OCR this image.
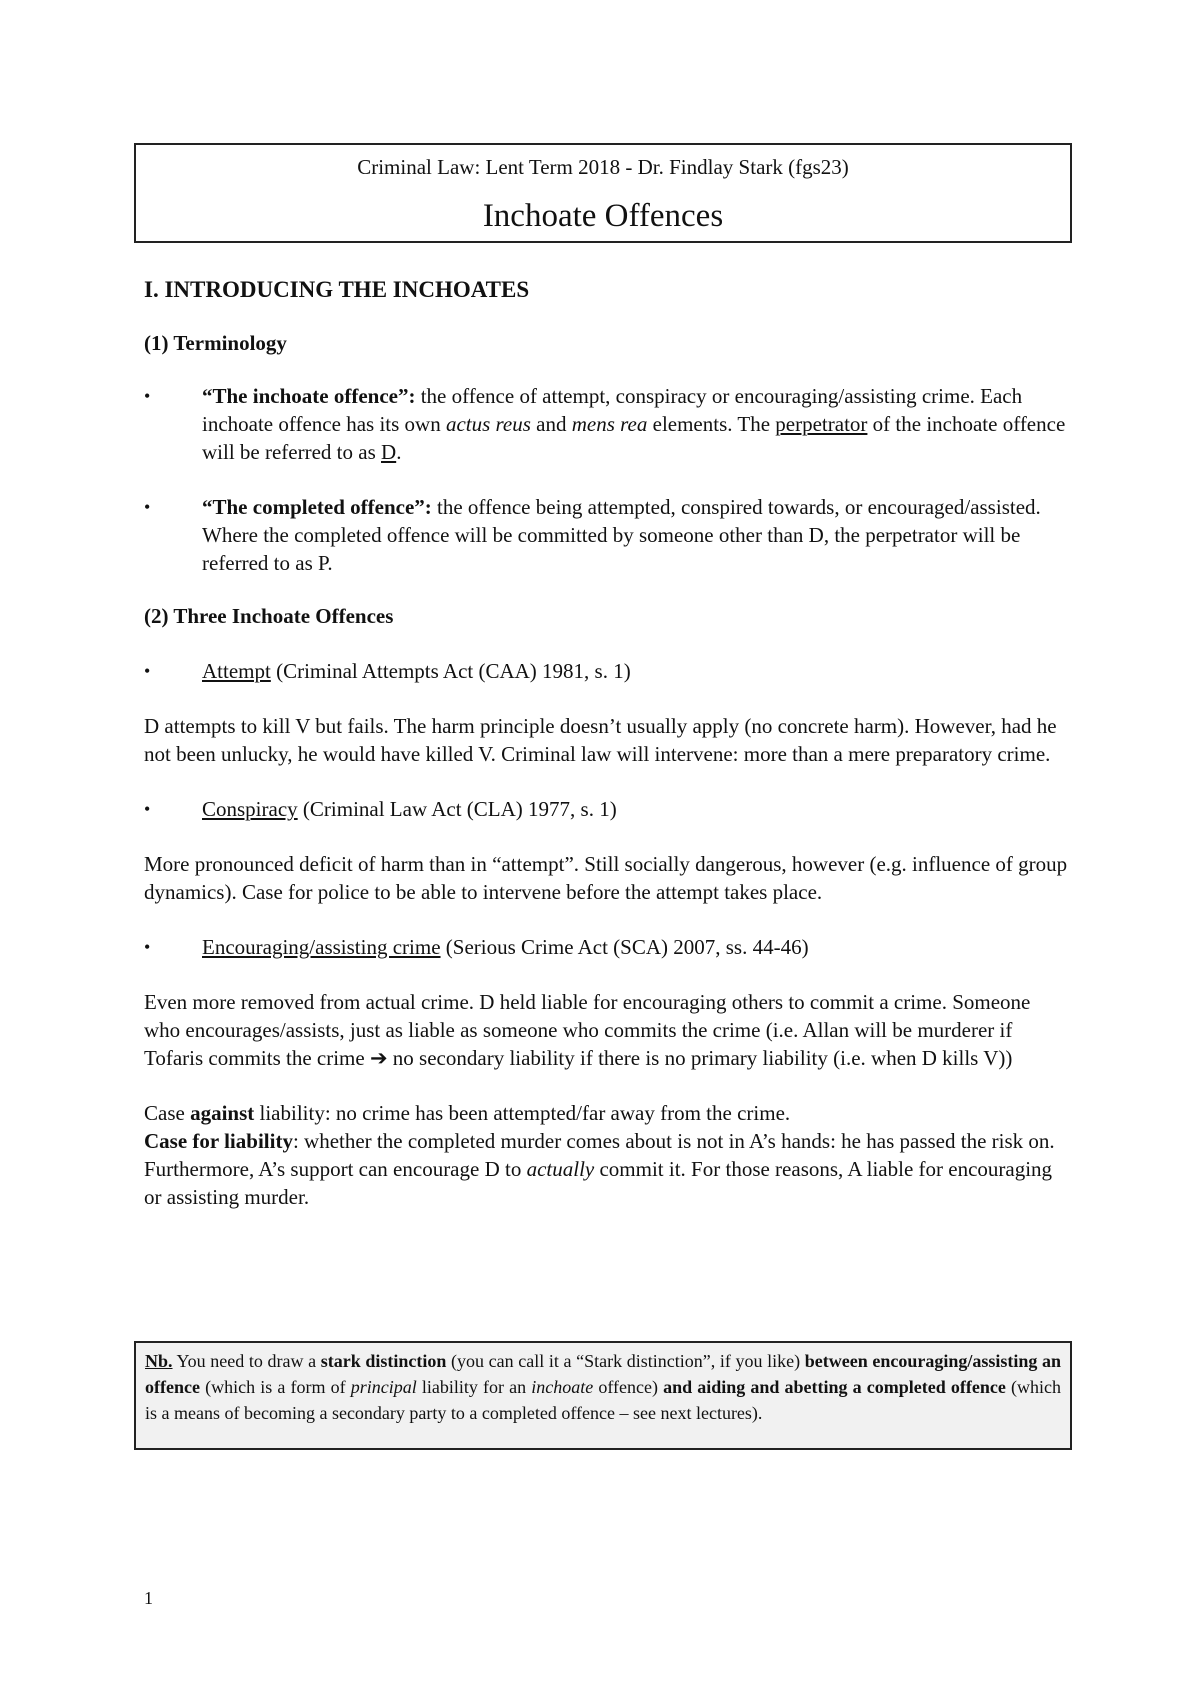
Criminal Law: Lent Term 2018 - Dr. Findlay Stark (fgs23)
Inchoate Offences

I. INTRODUCING THE INCHOATES

(1) Terminology

• “The inchoate offence”: the offence of attempt, conspiracy or encouraging/assisting crime. Each inchoate offence has its own actus reus and mens rea elements. The perpetrator of the inchoate offence will be referred to as D.
• “The completed offence”: the offence being attempted, conspired towards, or encouraged/assisted. Where the completed offence will be committed by someone other than D, the perpetrator will be referred to as P.

(2) Three Inchoate Offences

• Attempt (Criminal Attempts Act (CAA) 1981, s. 1)

D attempts to kill V but fails. The harm principle doesn’t usually apply (no concrete harm). However, had he not been unlucky, he would have killed V. Criminal law will intervene: more than a mere preparatory crime.

• Conspiracy (Criminal Law Act (CLA) 1977, s. 1)

More pronounced deficit of harm than in “attempt”. Still socially dangerous, however (e.g. influence of group dynamics). Case for police to be able to intervene before the attempt takes place.

• Encouraging/assisting crime (Serious Crime Act (SCA) 2007, ss. 44-46)

Even more removed from actual crime. D held liable for encouraging others to commit a crime. Someone who encourages/assists, just as liable as someone who commits the crime (i.e. Allan will be murderer if Tofaris commits the crime ➔ no secondary liability if there is no primary liability (i.e. when D kills V))

Case against liability: no crime has been attempted/far away from the crime.

Case for liability: whether the completed murder comes about is not in A’s hands: he has passed the risk on. Furthermore, A’s support can encourage D to actually commit it. For those reasons, A liable for encouraging or assisting murder.

Nb. You need to draw a stark distinction (you can call it a “Stark distinction”, if you like) between encouraging/assisting an offence (which is a form of principal liability for an inchoate offence) and aiding and abetting a completed offence (which is a means of becoming a secondary party to a completed offence – see next lectures).
1
